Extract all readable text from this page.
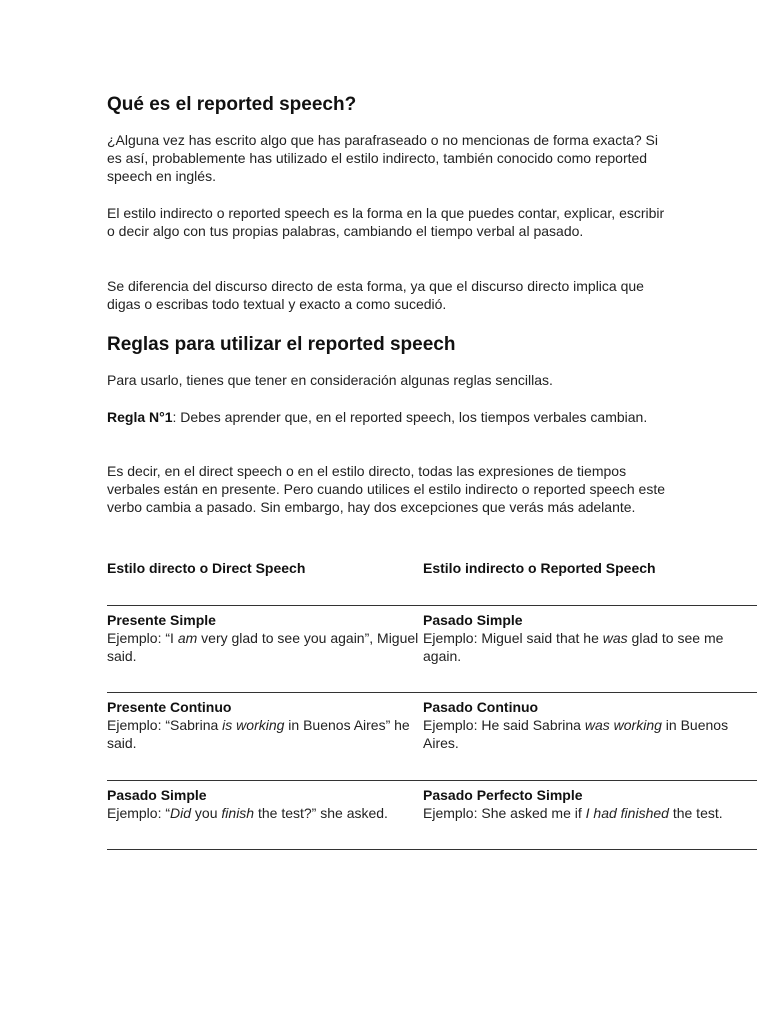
Qué es el reported speech?

¿Alguna vez has escrito algo que has parafraseado o no mencionas de forma exacta? Si es así, probablemente has utilizado el estilo indirecto, también conocido como reported speech en inglés.

El estilo indirecto o reported speech es la forma en la que puedes contar, explicar, escribir o decir algo con tus propias palabras, cambiando el tiempo verbal al pasado.

Se diferencia del discurso directo de esta forma, ya que el discurso directo implica que digas o escribas todo textual y exacto a como sucedió.

Reglas para utilizar el reported speech

Para usarlo, tienes que tener en consideración algunas reglas sencillas.

Regla N°1: Debes aprender que, en el reported speech, los tiempos verbales cambian.

Es decir, en el direct speech o en el estilo directo, todas las expresiones de tiempos verbales están en presente. Pero cuando utilices el estilo indirecto o reported speech este verbo cambia a pasado. Sin embargo, hay dos excepciones que verás más adelante.

Estilo directo o Direct Speech	Estilo indirecto o Reported Speech
Presente Simple
Ejemplo: “I am very glad to see you again”, Miguel said.
Pasado Simple
Ejemplo: Miguel said that he was glad to see me again.
Presente Continuo
Ejemplo: “Sabrina is working in Buenos Aires” he said.
Pasado Continuo
Ejemplo: He said Sabrina was working in Buenos Aires.
Pasado Simple
Ejemplo: “Did you finish the test?” she asked.
Pasado Perfecto Simple
Ejemplo: She asked me if I had finished the test.
